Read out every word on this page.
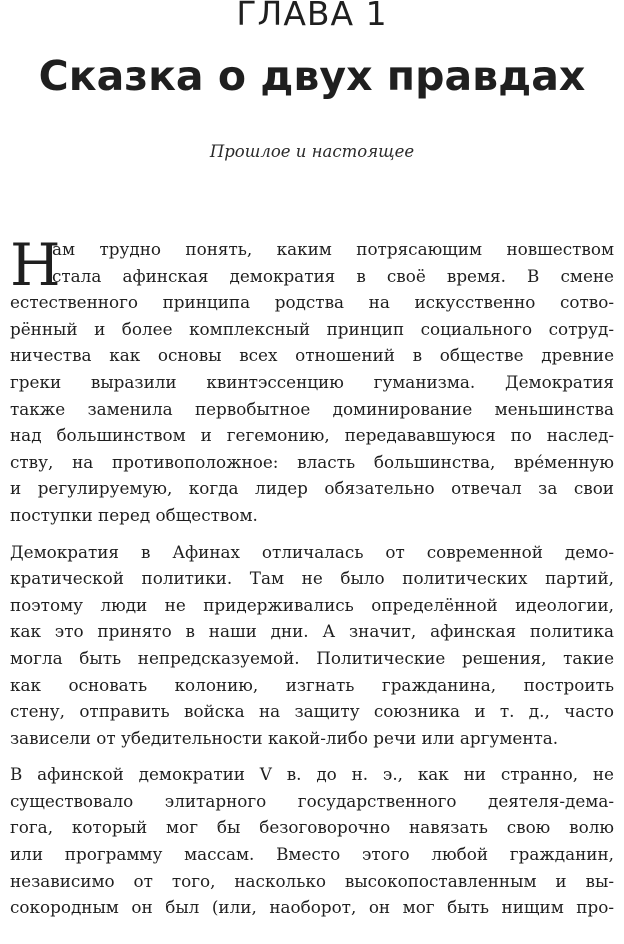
ГЛАВА 1
Сказка о двух правдах
Прошлое и настоящее
Н
ам трудно понять, каким потрясающим новшеством
стала афинская демократия в своё время. В смене
естественного принципа родства на искусственно сотво-
рённый и более комплексный принцип социального сотруд-
ничества как основы всех отношений в обществе древние
греки выразили квинтэссенцию гуманизма. Демократия
также заменила первобытное доминирование меньшинства
над большинством и гегемонию, передававшуюся по наслед-
ству, на противоположное: власть большинства, вре́менную
и регулируемую, когда лидер обязательно отвечал за свои
поступки перед обществом.
Демократия в Афинах отличалась от современной демо-
кратической политики. Там не было политических партий,
поэтому люди не придерживались определённой идеологии,
как это принято в наши дни. А значит, афинская политика
могла быть непредсказуемой. Политические решения, такие
как основать колонию, изгнать гражданина, построить
стену, отправить войска на защиту союзника и т. д., часто
зависели от убедительности какой-либо речи или аргумента.
В афинской демократии V в. до н. э., как ни странно, не
существовало элитарного государственного деятеля-дема-
гога, который мог бы безоговорочно навязать свою волю
или программу массам. Вместо этого любой гражданин,
независимо от того, насколько высокопоставленным и вы-
сокородным он был (или, наоборот, он мог быть нищим про-
